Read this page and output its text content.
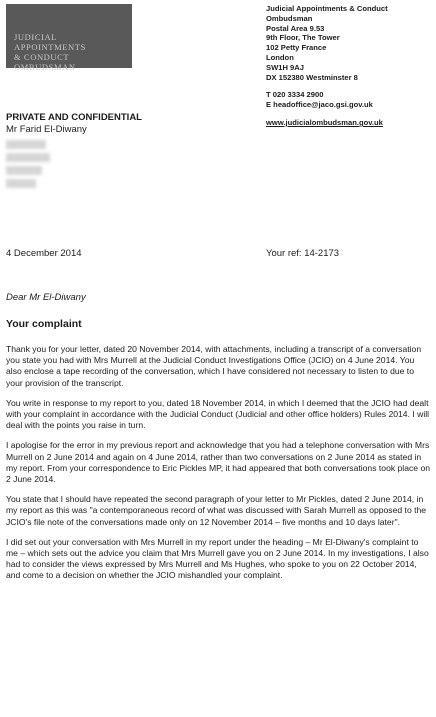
JUDICIAL
APPOINTMENTS
& CONDUCT
OMBUDSMAN
Judicial Appointments & Conduct
Ombudsman
Postal Area 9.53
9th Floor, The Tower
102 Petty France
London
SW1H 9AJ
DX 152380 Westminster 8
T 020 3334 2900
E headoffice@jaco.gsi.gov.uk
www.judicialombudsman.gov.uk
PRIVATE AND CONFIDENTIAL
Mr Farid El-Diwany
4 December 2014	Your ref: 14-2173
Dear Mr El-Diwany
Your complaint

Thank you for your letter, dated 20 November 2014, with attachments, including a transcript of a conversation you state you had with Mrs Murrell at the Judicial Conduct Investigations Office (JCIO) on 4 June 2014. You also enclose a tape recording of the conversation, which I have considered not necessary to listen to due to your provision of the transcript.

You write in response to my report to you, dated 18 November 2014, in which I deemed that the JCIO had dealt with your complaint in accordance with the Judicial Conduct (Judicial and other office holders) Rules 2014. I will deal with the points you raise in turn.

I apologise for the error in my previous report and acknowledge that you had a telephone conversation with Mrs Murrell on 2 June 2014 and again on 4 June 2014, rather than two conversations on 2 June 2014 as stated in my report. From your correspondence to Eric Pickles MP, it had appeared that both conversations took place on 2 June 2014.

You state that I should have repeated the second paragraph of your letter to Mr Pickles, dated 2 June 2014, in my report as this was "a contemporaneous record of what was discussed with Sarah Murrell as opposed to the JCIO's file note of the conversations made only on 12 November 2014 – five months and 10 days later".

I did set out your conversation with Mrs Murrell in my report under the heading – Mr El-Diwany's complaint to me – which sets out the advice you claim that Mrs Murrell gave you on 2 June 2014. In my investigations, I also had to consider the views expressed by Mrs Murrell and Ms Hughes, who spoke to you on 22 October 2014, and come to a decision on whether the JCIO mishandled your complaint.
